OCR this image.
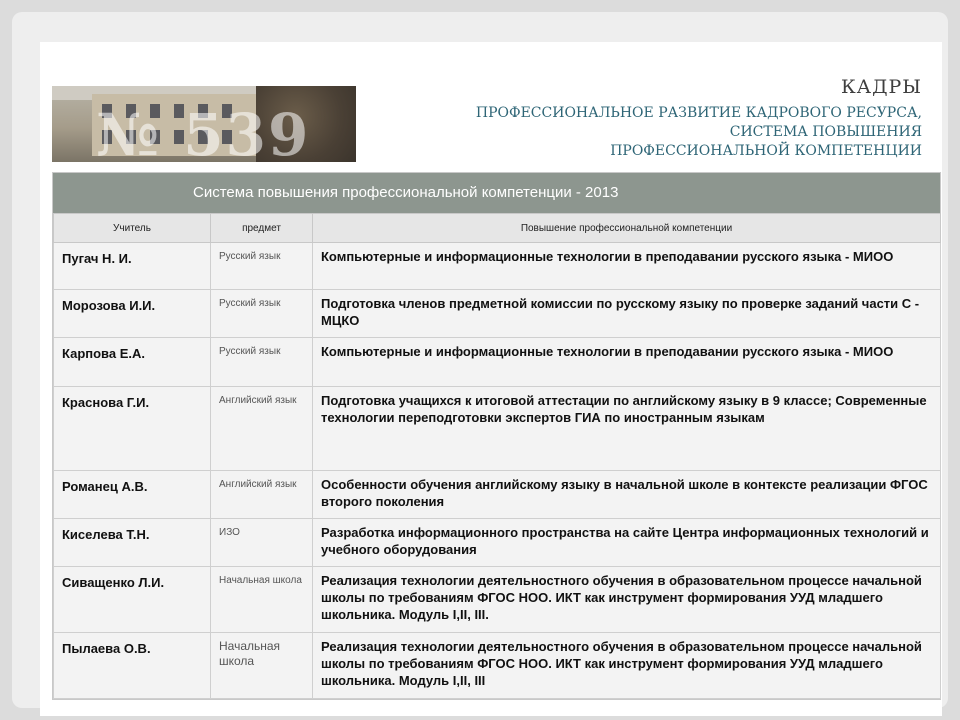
№ 539
КАДРЫ
ПРОФЕССИОНАЛЬНОЕ РАЗВИТИЕ КАДРОВОГО РЕСУРСА,
СИСТЕМА ПОВЫШЕНИЯ
ПРОФЕССИОНАЛЬНОЙ КОМПЕТЕНЦИИ
Система повышения профессиональной компетенции - 2013
Учитель	предмет	Повышение профессиональной компетенции
Пугач Н. И.	Русский язык	Компьютерные и информационные технологии в преподавании русского языка - МИОО
Морозова И.И.	Русский язык	Подготовка членов предметной комиссии по русскому языку по проверке заданий части С - МЦКО
Карпова Е.А.	Русский язык	Компьютерные и информационные технологии в преподавании русского языка - МИОО
Краснова Г.И.	Английский язык	Подготовка учащихся к итоговой аттестации по английскому языку в 9 классе; Современные технологии переподготовки экспертов ГИА по иностранным языкам
Романец А.В.	Английский язык	Особенности обучения английскому языку в начальной школе в контексте реализации ФГОС второго поколения
Киселева Т.Н.	ИЗО	Разработка информационного пространства на сайте Центра информационных технологий и учебного оборудования
Сиващенко Л.И.	Начальная школа	Реализация технологии деятельностного обучения в образовательном процессе начальной школы по требованиям ФГОС НОО. ИКТ как инструмент формирования УУД младшего школьника. Модуль I,II, III.
Пылаева О.В.	Начальная школа	Реализация технологии деятельностного обучения в образовательном процессе начальной школы по требованиям ФГОС НОО. ИКТ как инструмент формирования УУД младшего школьника. Модуль I,II, III
